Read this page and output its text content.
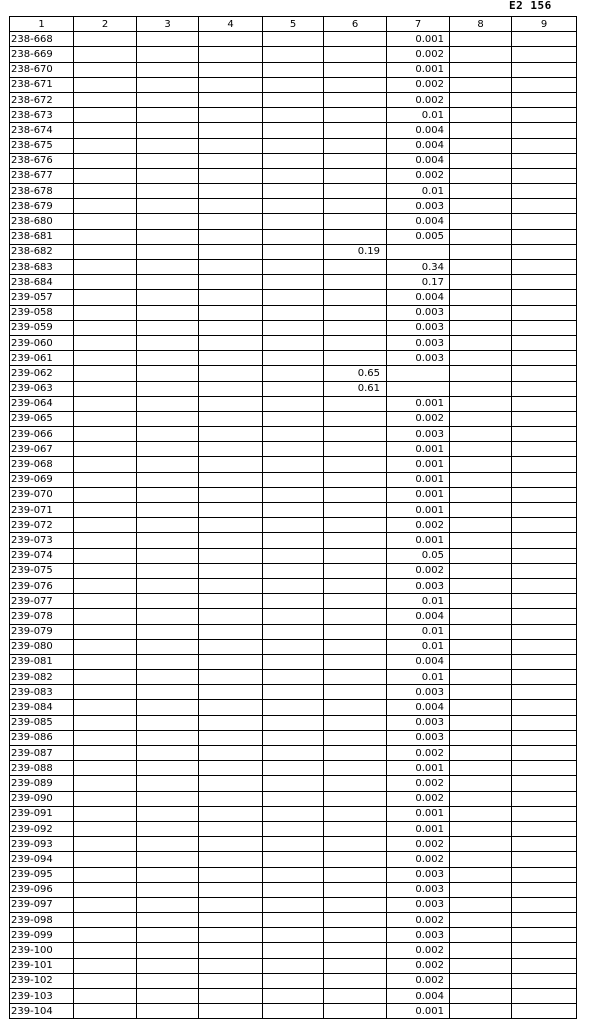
E2 156
1	2	3	4	5	6	7	8	9
238-668						0.001		
238-669						0.002		
238-670						0.001		
238-671						0.002		
238-672						0.002		
238-673						0.01		
238-674						0.004		
238-675						0.004		
238-676						0.004		
238-677						0.002		
238-678						0.01		
238-679						0.003		
238-680						0.004		
238-681						0.005		
238-682					0.19			
238-683						0.34		
238-684						0.17		
239-057						0.004		
239-058						0.003		
239-059						0.003		
239-060						0.003		
239-061						0.003		
239-062					0.65			
239-063					0.61			
239-064						0.001		
239-065						0.002		
239-066						0.003		
239-067						0.001		
239-068						0.001		
239-069						0.001		
239-070						0.001		
239-071						0.001		
239-072						0.002		
239-073						0.001		
239-074						0.05		
239-075						0.002		
239-076						0.003		
239-077						0.01		
239-078						0.004		
239-079						0.01		
239-080						0.01		
239-081						0.004		
239-082						0.01		
239-083						0.003		
239-084						0.004		
239-085						0.003		
239-086						0.003		
239-087						0.002		
239-088						0.001		
239-089						0.002		
239-090						0.002		
239-091						0.001		
239-092						0.001		
239-093						0.002		
239-094						0.002		
239-095						0.003		
239-096						0.003		
239-097						0.003		
239-098						0.002		
239-099						0.003		
239-100						0.002		
239-101						0.002		
239-102						0.002		
239-103						0.004		
239-104						0.001		
